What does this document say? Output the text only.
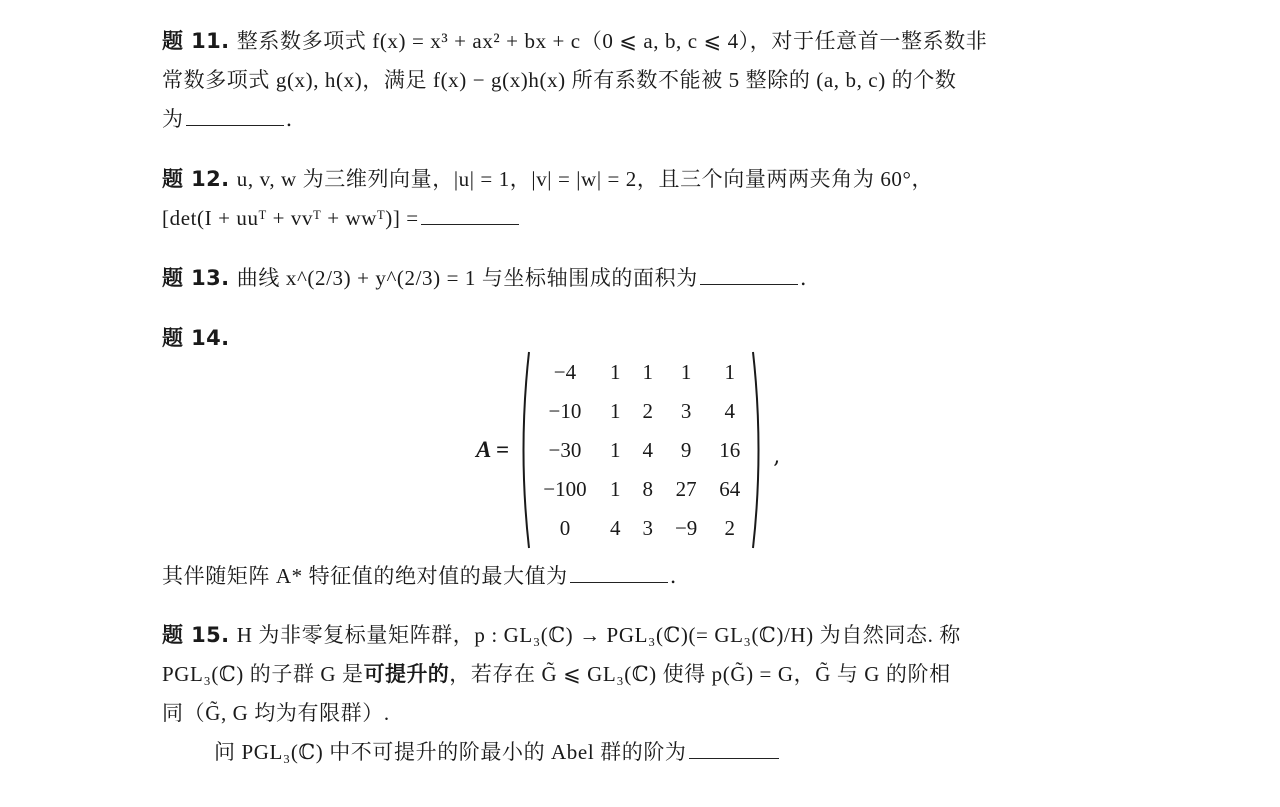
题 11. 整系数多项式 f(x) = x³ + ax² + bx + c（0 ⩽ a, b, c ⩽ 4），对于任意首一整系数非
常数多项式 g(x), h(x)，满足 f(x) − g(x)h(x) 所有系数不能被 5 整除的 (a, b, c) 的个数
为	.
题 12. u, v, w 为三维列向量，|u| = 1，|v| = |w| = 2，且三个向量两两夹角为 60°，
[det(I + uuᵀ + vvᵀ + wwᵀ)] =
题 13. 曲线 x^(2/3) + y^(2/3) = 1 与坐标轴围成的面积为	.
题 14.
A =
−4	1	1	1	1
−10	1	2	3	4
−30	1	4	9	16
−100	1	8	27	64
0	4	3	−9	2
,
其伴随矩阵 A* 特征值的绝对值的最大值为	.
题 15. H 为非零复标量矩阵群，p : GL₃(ℂ) → PGL₃(ℂ)(= GL₃(ℂ)/H) 为自然同态. 称
PGL₃(ℂ) 的子群 G 是可提升的，若存在 G̃ ⩽ GL₃(ℂ) 使得 p(G̃) = G，G̃ 与 G 的阶相
同（G̃, G 均为有限群）.
问 PGL₃(ℂ) 中不可提升的阶最小的 Abel 群的阶为
